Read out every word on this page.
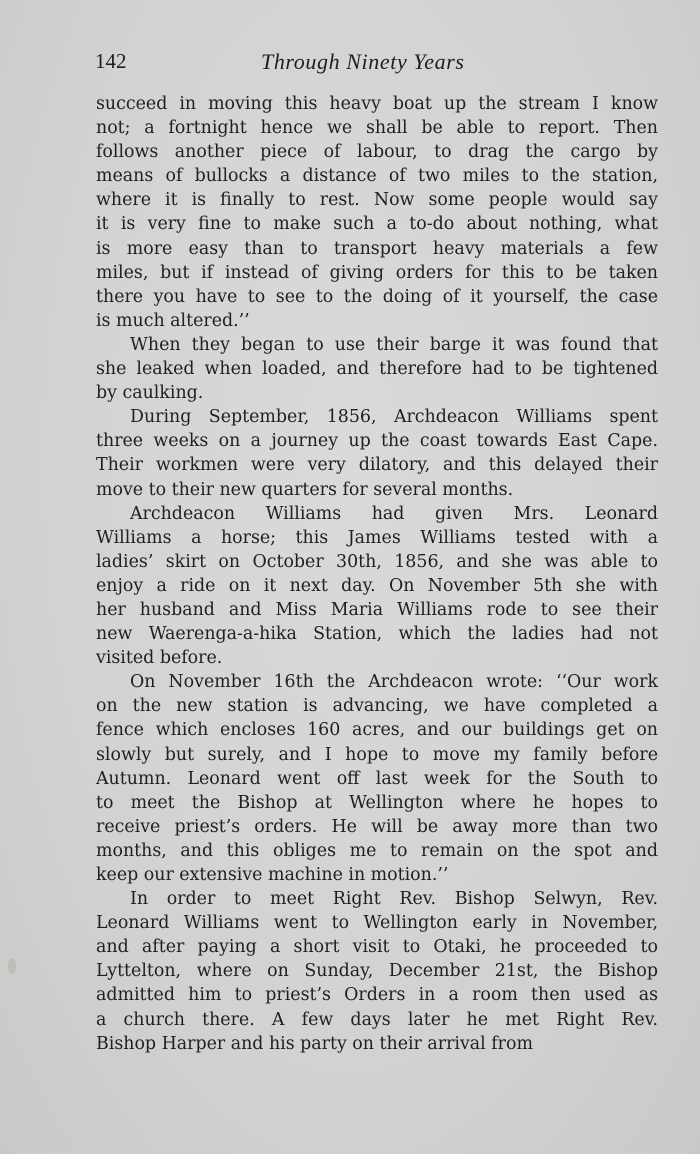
142	Through Ninety Years

succeed in moving this heavy boat up the stream I know
not; a fortnight hence we shall be able to report. Then
follows another piece of labour, to drag the cargo by
means of bullocks a distance of two miles to the station,
where it is finally to rest. Now some people would say
it is very fine to make such a to-do about nothing, what
is more easy than to transport heavy materials a few
miles, but if instead of giving orders for this to be taken
there you have to see to the doing of it yourself, the case
is much altered.’’

When they began to use their barge it was found that
she leaked when loaded, and therefore had to be tightened
by caulking.

During September, 1856, Archdeacon Williams spent
three weeks on a journey up the coast towards East Cape.
Their workmen were very dilatory, and this delayed their
move to their new quarters for several months.

Archdeacon Williams had given Mrs. Leonard
Williams a horse; this James Williams tested with a
ladies’ skirt on October 30th, 1856, and she was able to
enjoy a ride on it next day. On November 5th she with
her husband and Miss Maria Williams rode to see their
new Waerenga-a-hika Station, which the ladies had not
visited before.

On November 16th the Archdeacon wrote: ‘‘Our work
on the new station is advancing, we have completed a
fence which encloses 160 acres, and our buildings get on
slowly but surely, and I hope to move my family before
Autumn. Leonard went off last week for the South to
to meet the Bishop at Wellington where he hopes to
receive priest’s orders. He will be away more than two
months, and this obliges me to remain on the spot and
keep our extensive machine in motion.’’

In order to meet Right Rev. Bishop Selwyn, Rev.
Leonard Williams went to Wellington early in November,
and after paying a short visit to Otaki, he proceeded to
Lyttelton, where on Sunday, December 21st, the Bishop
admitted him to priest’s Orders in a room then used as
a church there. A few days later he met Right Rev.
Bishop Harper and his party on their arrival from
